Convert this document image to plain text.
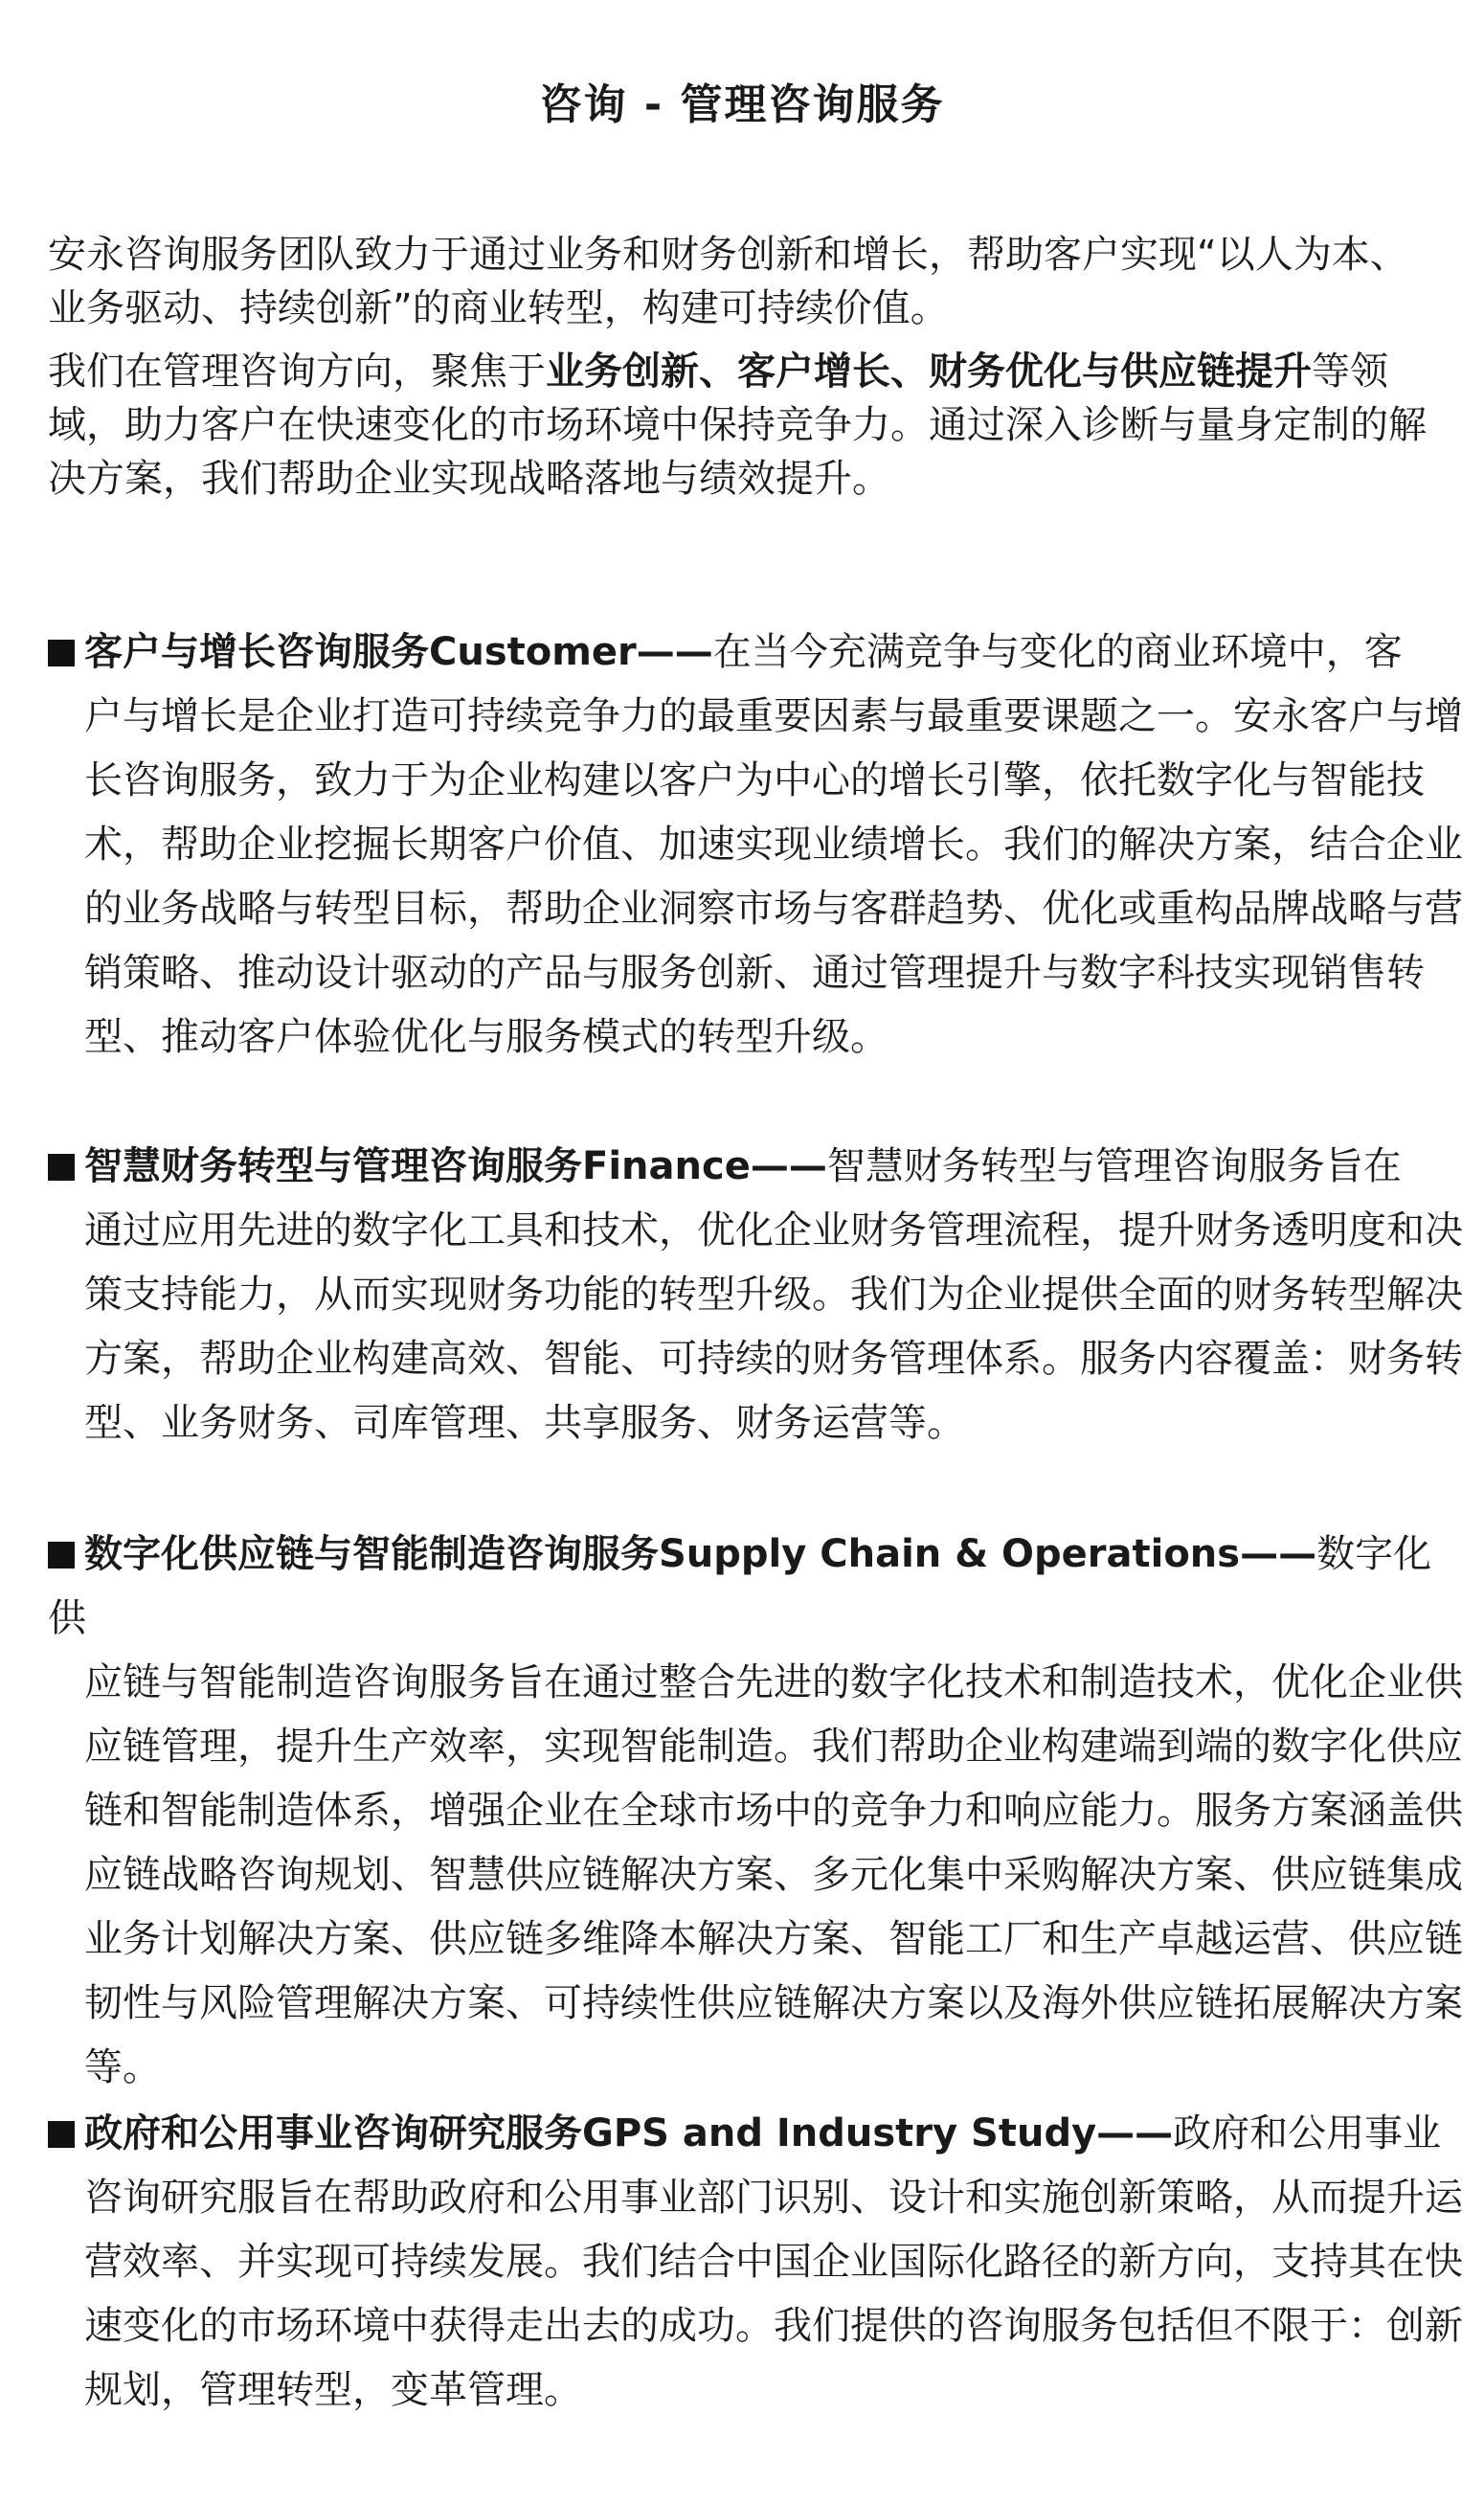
咨询 - 管理咨询服务

安永咨询服务团队致力于通过业务和财务创新和增长，帮助客户实现“以人为本、业务驱动、持续创新”的商业转型，构建可持续价值。

我们在管理咨询方向，聚焦于业务创新、客户增长、财务优化与供应链提升等领域，助力客户在快速变化的市场环境中保持竞争力。通过深入诊断与量身定制的解决方案，我们帮助企业实现战略落地与绩效提升。

客户与增长咨询服务Customer——在当今充满竞争与变化的商业环境中，客
户与增长是企业打造可持续竞争力的最重要因素与最重要课题之一。安永客户与增长咨询服务，致力于为企业构建以客户为中心的增长引擎，依托数字化与智能技术，帮助企业挖掘长期客户价值、加速实现业绩增长。我们的解决方案，结合企业的业务战略与转型目标，帮助企业洞察市场与客群趋势、优化或重构品牌战略与营销策略、推动设计驱动的产品与服务创新、通过管理提升与数字科技实现销售转型、推动客户体验优化与服务模式的转型升级。
智慧财务转型与管理咨询服务Finance——智慧财务转型与管理咨询服务旨在
通过应用先进的数字化工具和技术，优化企业财务管理流程，提升财务透明度和决策支持能力，从而实现财务功能的转型升级。我们为企业提供全面的财务转型解决方案，帮助企业构建高效、智能、可持续的财务管理体系。服务内容覆盖：财务转型、业务财务、司库管理、共享服务、财务运营等。
数字化供应链与智能制造咨询服务Supply Chain & Operations——数字化供
应链与智能制造咨询服务旨在通过整合先进的数字化技术和制造技术，优化企业供应链管理，提升生产效率，实现智能制造。我们帮助企业构建端到端的数字化供应链和智能制造体系，增强企业在全球市场中的竞争力和响应能力。服务方案涵盖供应链战略咨询规划、智慧供应链解决方案、多元化集中采购解决方案、供应链集成业务计划解决方案、供应链多维降本解决方案、智能工厂和生产卓越运营、供应链韧性与风险管理解决方案、可持续性供应链解决方案以及海外供应链拓展解决方案等。
政府和公用事业咨询研究服务GPS and Industry Study——政府和公用事业
咨询研究服旨在帮助政府和公用事业部门识别、设计和实施创新策略，从而提升运营效率、并实现可持续发展。我们结合中国企业国际化路径的新方向，支持其在快速变化的市场环境中获得走出去的成功。我们提供的咨询服务包括但不限于：创新规划，管理转型，变革管理。
